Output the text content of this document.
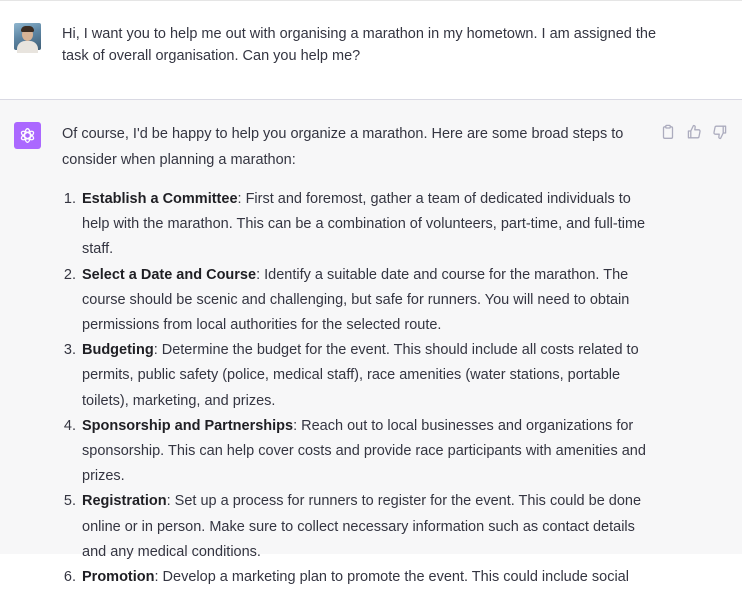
Hi, I want you to help me out with organising a marathon in my hometown. I am assigned the task of overall organisation. Can you help me?

Of course, I'd be happy to help you organize a marathon. Here are some broad steps to consider when planning a marathon:

1. Establish a Committee: First and foremost, gather a team of dedicated individuals to help with the marathon. This can be a combination of volunteers, part-time, and full-time staff.
2. Select a Date and Course: Identify a suitable date and course for the marathon. The course should be scenic and challenging, but safe for runners. You will need to obtain permissions from local authorities for the selected route.
3. Budgeting: Determine the budget for the event. This should include all costs related to permits, public safety (police, medical staff), race amenities (water stations, portable toilets), marketing, and prizes.
4. Sponsorship and Partnerships: Reach out to local businesses and organizations for sponsorship. This can help cover costs and provide race participants with amenities and prizes.
5. Registration: Set up a process for runners to register for the event. This could be done online or in person. Make sure to collect necessary information such as contact details and any medical conditions.
6. Promotion: Develop a marketing plan to promote the event. This could include social
